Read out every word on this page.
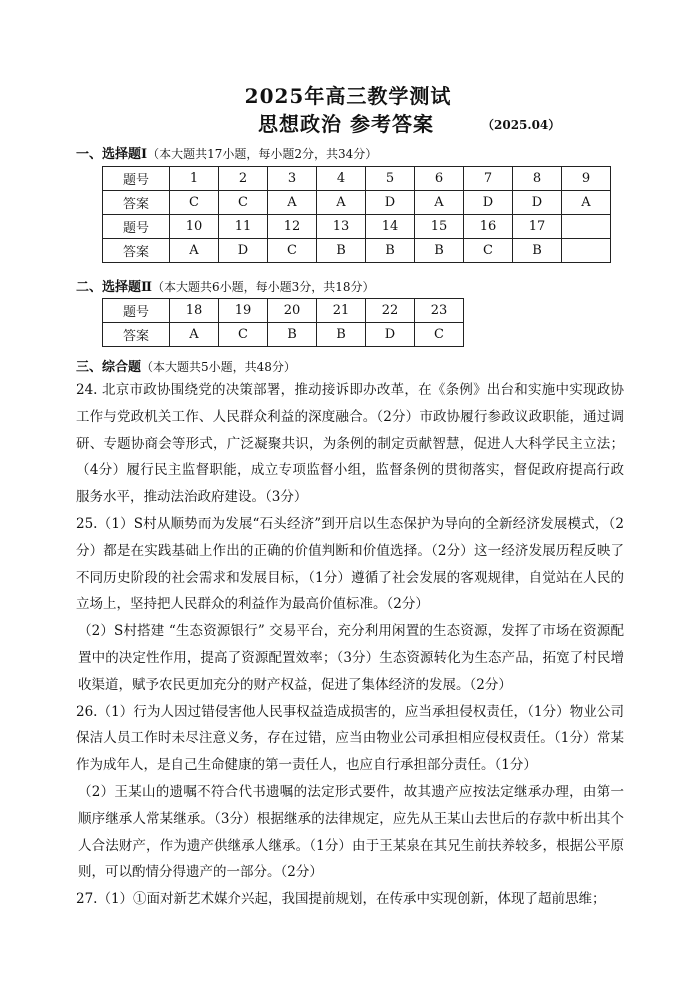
2025年高三教学测试
思想政治 参考答案	（2025.04）
一、选择题Ⅰ（本大题共17小题，每小题2分，共34分）
题号	1	2	3	4	5	6	7	8	9
答案	C	C	A	A	D	A	D	D	A
题号	10	11	12	13	14	15	16	17	
答案	A	D	C	B	B	B	C	B	
二、选择题Ⅱ（本大题共6小题，每小题3分，共18分）
题号	18	19	20	21	22	23
答案	A	C	B	B	D	C
三、综合题（本大题共5小题，共48分）

24. 北京市政协围绕党的决策部署，推动接诉即办改革，在《条例》出台和实施中实现政协工作与党政机关工作、人民群众利益的深度融合。（2分）市政协履行参政议政职能，通过调研、专题协商会等形式，广泛凝聚共识，为条例的制定贡献智慧，促进人大科学民主立法；（4分）履行民主监督职能，成立专项监督小组，监督条例的贯彻落实，督促政府提高行政服务水平，推动法治政府建设。（3分）

25.（1）S村从顺势而为发展“石头经济”到开启以生态保护为导向的全新经济发展模式，（2分）都是在实践基础上作出的正确的价值判断和价值选择。（2分）这一经济发展历程反映了不同历史阶段的社会需求和发展目标，（1分）遵循了社会发展的客观规律，自觉站在人民的立场上，坚持把人民群众的利益作为最高价值标准。（2分）

（2）S村搭建 “生态资源银行” 交易平台，充分利用闲置的生态资源，发挥了市场在资源配置中的决定性作用，提高了资源配置效率；（3分）生态资源转化为生态产品，拓宽了村民增收渠道，赋予农民更加充分的财产权益，促进了集体经济的发展。（2分）

26.（1）行为人因过错侵害他人民事权益造成损害的，应当承担侵权责任，（1分）物业公司保洁人员工作时未尽注意义务，存在过错，应当由物业公司承担相应侵权责任。（1分）常某作为成年人，是自己生命健康的第一责任人，也应自行承担部分责任。（1分）

（2）王某山的遗嘱不符合代书遗嘱的法定形式要件，故其遗产应按法定继承办理，由第一顺序继承人常某继承。（3分）根据继承的法律规定，应先从王某山去世后的存款中析出其个人合法财产，作为遗产供继承人继承。（1分）由于王某泉在其兄生前扶养较多，根据公平原则，可以酌情分得遗产的一部分。（2分）

27.（1）①面对新艺术媒介兴起，我国提前规划，在传承中实现创新，体现了超前思维；
